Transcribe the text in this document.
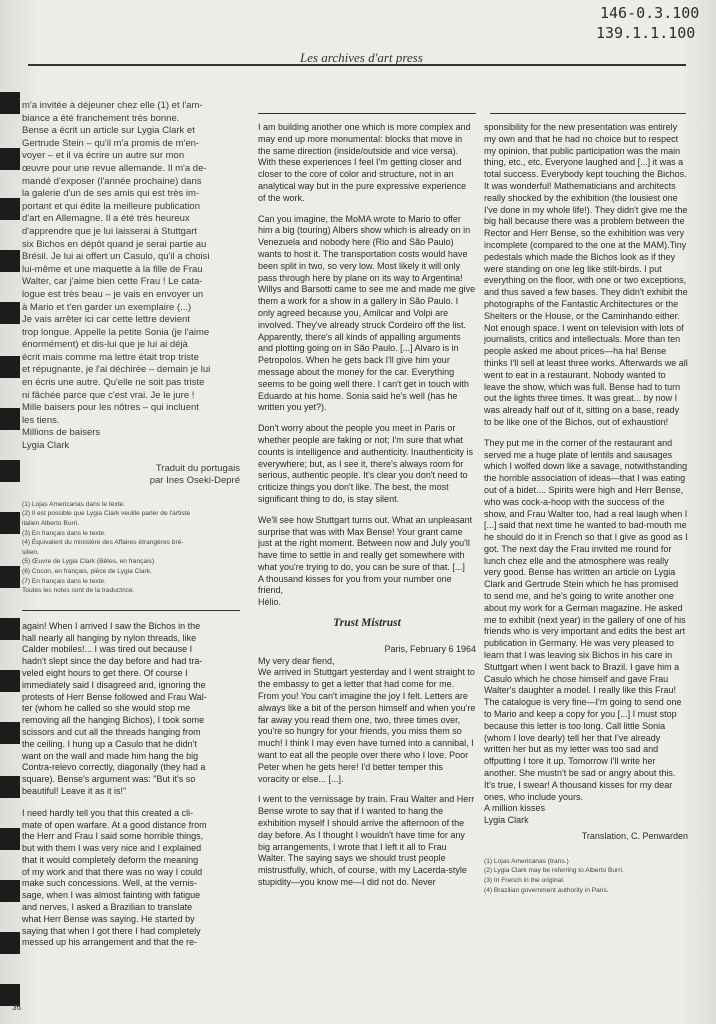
146-0.3.100
139.1.1.100
Les archives d'art press
m'a invitée à déjeuner chez elle (1) et l'am-
biance a été franchement très bonne.
Bense a écrit un article sur Lygia Clark et
Gertrude Stein – qu'il m'a promis de m'en-
voyer – et il va écrire un autre sur mon
œuvre pour une revue allemande. Il m'a de-
mandé d'exposer (l'année prochaine) dans
la galerie d'un de ses amis qui est très im-
portant et qui édite la meilleure publication
d'art en Allemagne. Il a été très heureux
d'apprendre que je lui laisserai à Stuttgart
six Bichos en dépôt quand je serai partie au
Brésil. Je lui ai offert un Casulo, qu'il a choisi
lui-même et une maquette à la fille de Frau
Walter, car j'aime bien cette Frau ! Le cata-
logue est très beau – je vais en envoyer un
à Mario et t'en garder un exemplaire (...)
Je vais arrêter ici car cette lettre devient
trop longue. Appelle la petite Sonia (je l'aime
énormément) et dis-lui que je lui ai déjà
écrit mais comme ma lettre était trop triste
et répugnante, je l'ai déchirée – demain je lui
en écris une autre. Qu'elle ne soit pas triste
ni fâchée parce que c'est vrai. Je le jure !
Mille baisers pour les nôtres – qui incluent
les tiens.
Millions de baisers
Lygia Clark
Traduit du portugais
par Ines Oseki-Depré
(1) Lojas Americanas dans le texte.
(2) Il est possible que Lygia Clark veuille parler de l'artiste
italien Alberto Burri.
(3) En français dans le texte.
(4) Équivalent du ministère des Affaires étrangères bré-
silien.
(5) Œuvre de Lygia Clark (Bêtes, en français).
(6) Cocon, en français, pièce de Lygia Clark.
(7) En français dans le texte.
Toutes les notes sont de la traductrice.
again! When I arrived I saw the Bichos in the
hall nearly all hanging by nylon threads, like
Calder mobiles!... I was tired out because I
hadn't slept since the day before and had tra-
veled eight hours to get there. Of course I
immediately said I disagreed and, ignoring the
protests of Herr Bense followed and Frau Wal-
ter (whom he called so she would stop me
removing all the hanging Bichos), I took some
scissors and cut all the threads hanging from
the ceiling. I hung up a Casulo that he didn't
want on the wall and made him hang the big
Contra-relevo correctly, diagonally (they had a
square). Bense's argument was: "But it's so
beautiful! Leave it as it is!"
I need hardly tell you that this created a cli-
mate of open warfare. At a good distance from
the Herr and Frau I said some horrible things,
but with them I was very nice and I explained
that it would completely deform the meaning
of my work and that there was no way I could
make such concessions. Well, at the vernis-
sage, when I was almost fainting with fatigue
and nerves, I asked a Brazilian to translate
what Herr Bense was saying. He started by
saying that when I got there I had completely
messed up his arrangement and that the re-

I am building another one which is more complex and may end up more monumental: blocks that move in the same direction (inside/outside and vice versa). With these experiences I feel I'm getting closer and closer to the core of color and structure, not in an analytical way but in the pure expressive experience of the work.

Can you imagine, the MoMA wrote to Mario to offer him a big (touring) Albers show which is already on in Venezuela and nobody here (Rio and São Paulo) wants to host it. The transportation costs would have been split in two, so very low. Most likely it will only pass through here by plane on its way to Argentina! Willys and Barsotti came to see me and made me give them a work for a show in a gallery in São Paulo. I only agreed because you, Amilcar and Volpi are involved. They've already struck Cordeiro off the list. Apparently, there's all kinds of appalling arguments and plotting going on in São Paulo. [...] Alvaro is in Petropolos. When he gets back I'll give him your message about the money for the car. Everything seems to be going well there. I can't get in touch with Eduardo at his home. Sonia said he's well (has he written you yet?).

Don't worry about the people you meet in Paris or whether people are faking or not; I'm sure that what counts is intelligence and authenticity. Inauthenticity is everywhere; but, as I see it, there's always room for serious, authentic people. It's clear you don't need to criticize things you don't like. The best, the most significant thing to do, is stay silent.

We'll see how Stuttgart turns out. What an unpleasant surprise that was with Max Bense! Your grant came just at the right moment. Between now and July you'll have time to settle in and really get somewhere with what you're trying to do, you can be sure of that. [...]

A thousand kisses for you from your number one friend,

Hélio.

Trust Mistrust

Paris, February 6 1964

My very dear fiend,

We arrived in Stuttgart yesterday and I went straight to the embassy to get a letter that had come for me. From you! You can't imagine the joy I felt. Letters are always like a bit of the person himself and when you're far away you read them one, two, three times over, you're so hungry for your friends, you miss them so much! I think I may even have turned into a cannibal, I want to eat all the people over there who I love. Poor Peter when he gets here! I'd better temper this voracity or else... [...].

I went to the vernissage by train. Frau Walter and Herr Bense wrote to say that if I wanted to hang the exhibition myself I should arrive the afternoon of the day before. As I thought I wouldn't have time for any big arrangements, I wrote that I left it all to Frau Walter. The saying says we should trust people mistrustfully, which, of course, with my Lacerda-style stupidity—you know me—I did not do. Never

sponsibility for the new presentation was entirely my own and that he had no choice but to respect my opinion, that public participation was the main thing, etc., etc. Everyone laughed and [...] it was a total success. Everybody kept touching the Bichos. It was wonderful! Mathematicians and architects really shocked by the exhibition (the lousiest one I've done in my whole life!). They didn't give me the big hall because there was a problem between the Rector and Herr Bense, so the exhibition was very incomplete (compared to the one at the MAM).Tiny pedestals which made the Bichos look as if they were standing on one leg like stilt-birds. I put everything on the floor, with one or two exceptions, and thus saved a few bases. They didn't exhibit the photographs of the Fantastic Architectures or the Shelters or the House, or the Caminhando either. Not enough space. I went on television with lots of journalists, critics and intellectuals. More than ten people asked me about prices—ha ha! Bense thinks I'll sell at least three works. Afterwards we all went to eat in a restaurant. Nobody wanted to leave the show, which was full. Bense had to turn out the lights three times. It was great... by now I was already half out of it, sitting on a base, ready to be like one of the Bichos, out of exhaustion!

They put me in the corner of the restaurant and served me a huge plate of lentils and sausages which I wolfed down like a savage, notwithstanding the horrible association of ideas—that I was eating out of a bidet.... Spirits were high and Herr Bense, who was cock-a-hoop with the success of the show, and Frau Walter too, had a real laugh when I [...] said that next time he wanted to bad-mouth me he should do it in French so that I give as good as I got. The next day the Frau invited me round for lunch chez elle and the atmosphere was really very good. Bense has written an article on Lygia Clark and Gertrude Stein which he has promised to send me, and he's going to write another one about my work for a German magazine. He asked me to exhibit (next year) in the gallery of one of his friends who is very important and edits the best art publication in Germany. He was very pleased to learn that I was leaving six Bichos in his care in Stuttgart when I went back to Brazil. I gave him a Casulo which he chose himself and gave Frau Walter's daughter a model. I really like this Frau! The catalogue is very fine—I'm going to send one to Mario and keep a copy for you [...] I must stop because this letter is too long. Call little Sonia (whom I love dearly) tell her that I've already written her but as my letter was too sad and offputting I tore it up. Tomorrow I'll write her another. She mustn't be sad or angry about this. It's true, I swear! A thousand kisses for my dear ones, who include yours.

A million kisses

Lygia Clark

Translation, C. Penwarden

(1) Lojas Americanas (trans.)
(2) Lygia Clark may be referring to Alberto Burri.
(3) In French in the original.
(4) Brazilian government authority in Paris.
36
